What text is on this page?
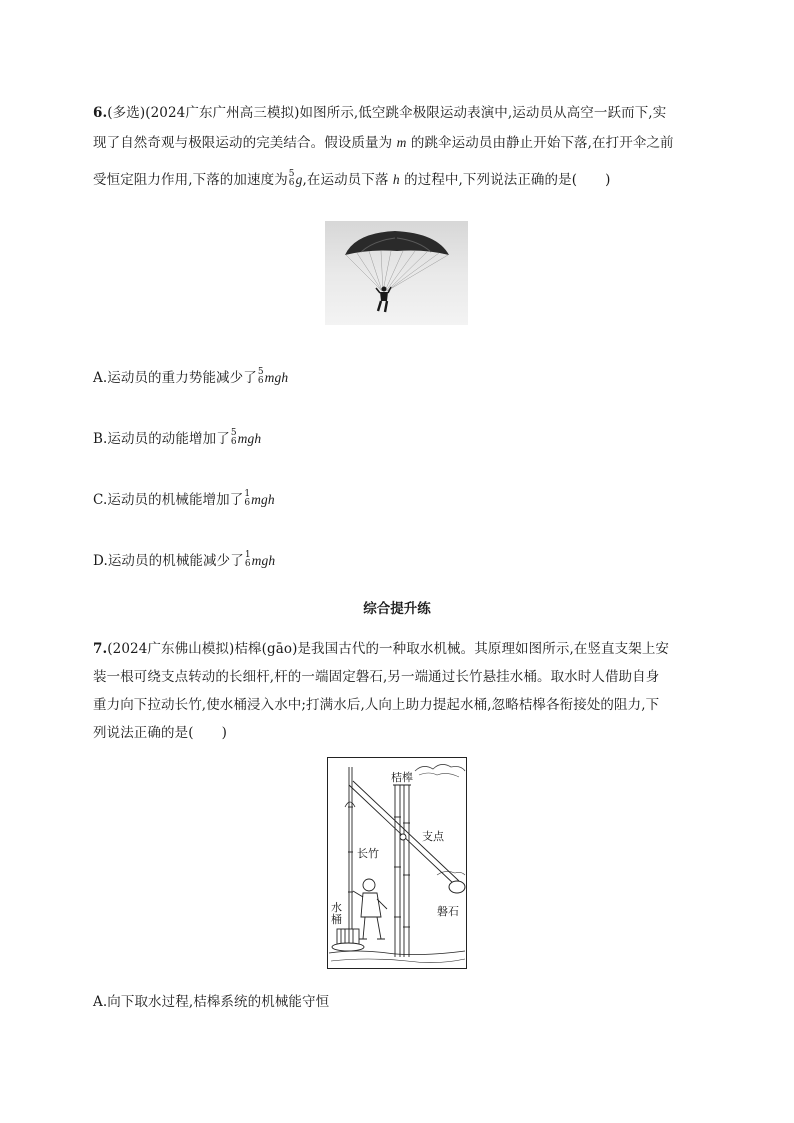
6.(多选)(2024广东广州高三模拟)如图所示,低空跳伞极限运动表演中,运动员从高空一跃而下,实
现了自然奇观与极限运动的完美结合。假设质量为 m 的跳伞运动员由静止开始下落,在打开伞之前
受恒定阻力作用,下落的加速度为 5
6 g,在运动员下落 h 的过程中,下列说法正确的是( )
A.运动员的重力势能减少了 5
6 mgh
B.运动员的动能增加了 5
6 mgh
C.运动员的机械能增加了 1
6 mgh
D.运动员的机械能减少了 1
6 mgh
综合提升练
7.(2024广东佛山模拟)桔槔(gāo)是我国古代的一种取水机械。其原理如图所示,在竖直支架上安
装一根可绕支点转动的长细杆,杆的一端固定磐石,另一端通过长竹悬挂水桶。取水时人借助自身
重力向下拉动长竹,使水桶浸入水中;打满水后,人向上助力提起水桶,忽略桔槔各衔接处的阻力,下
列说法正确的是( )
桔槔
支点
长竹
水
桶
磐石
A.向下取水过程,桔槔系统的机械能守恒
